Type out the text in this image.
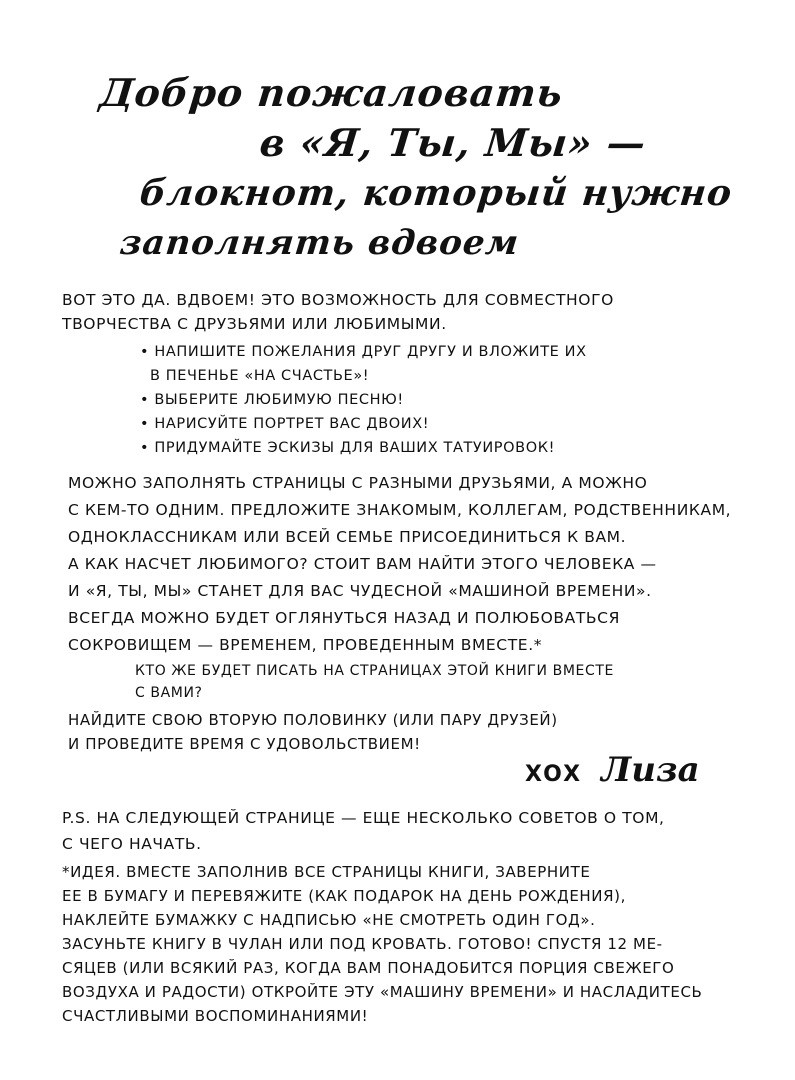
Добро пожаловать
в «Я, Ты, Мы» —
блокнот, который нужно
заполнять вдвоем
ВОТ ЭТО ДА. ВДВОЕМ! ЭТО ВОЗМОЖНОСТЬ ДЛЯ СОВМЕСТНОГО
ТВОРЧЕСТВА С ДРУЗЬЯМИ ИЛИ ЛЮБИМЫМИ.
• НАПИШИТЕ ПОЖЕЛАНИЯ ДРУГ ДРУГУ И ВЛОЖИТЕ ИХ
В ПЕЧЕНЬЕ «НА СЧАСТЬЕ»!
• ВЫБЕРИТЕ ЛЮБИМУЮ ПЕСНЮ!
• НАРИСУЙТЕ ПОРТРЕТ ВАС ДВОИХ!
• ПРИДУМАЙТЕ ЭСКИЗЫ ДЛЯ ВАШИХ ТАТУИРОВОК!
МОЖНО ЗАПОЛНЯТЬ СТРАНИЦЫ С РАЗНЫМИ ДРУЗЬЯМИ, А МОЖНО
С КЕМ-ТО ОДНИМ. ПРЕДЛОЖИТЕ ЗНАКОМЫМ, КОЛЛЕГАМ, РОДСТВЕННИКАМ,
ОДНОКЛАССНИКАМ ИЛИ ВСЕЙ СЕМЬЕ ПРИСОЕДИНИТЬСЯ К ВАМ.
А КАК НАСЧЕТ ЛЮБИМОГО? СТОИТ ВАМ НАЙТИ ЭТОГО ЧЕЛОВЕКА —
И «Я, ТЫ, МЫ» СТАНЕТ ДЛЯ ВАС ЧУДЕСНОЙ «МАШИНОЙ ВРЕМЕНИ».
ВСЕГДА МОЖНО БУДЕТ ОГЛЯНУТЬСЯ НАЗАД И ПОЛЮБОВАТЬСЯ
СОКРОВИЩЕМ — ВРЕМЕНЕМ, ПРОВЕДЕННЫМ ВМЕСТЕ.*
КТО ЖЕ БУДЕТ ПИСАТЬ НА СТРАНИЦАХ ЭТОЙ КНИГИ ВМЕСТЕ
С ВАМИ?
НАЙДИТЕ СВОЮ ВТОРУЮ ПОЛОВИНКУ (ИЛИ ПАРУ ДРУЗЕЙ)
И ПРОВЕДИТЕ ВРЕМЯ С УДОВОЛЬСТВИЕМ!
XOX Лиза
P.S. НА СЛЕДУЮЩЕЙ СТРАНИЦЕ — ЕЩЕ НЕСКОЛЬКО СОВЕТОВ О ТОМ,
С ЧЕГО НАЧАТЬ.
*ИДЕЯ. ВМЕСТЕ ЗАПОЛНИВ ВСЕ СТРАНИЦЫ КНИГИ, ЗАВЕРНИТЕ
ЕЕ В БУМАГУ И ПЕРЕВЯЖИТЕ (КАК ПОДАРОК НА ДЕНЬ РОЖДЕНИЯ),
НАКЛЕЙТЕ БУМАЖКУ С НАДПИСЬЮ «НЕ СМОТРЕТЬ ОДИН ГОД».
ЗАСУНЬТЕ КНИГУ В ЧУЛАН ИЛИ ПОД КРОВАТЬ. ГОТОВО! СПУСТЯ 12 МЕ-
СЯЦЕВ (ИЛИ ВСЯКИЙ РАЗ, КОГДА ВАМ ПОНАДОБИТСЯ ПОРЦИЯ СВЕЖЕГО
ВОЗДУХА И РАДОСТИ) ОТКРОЙТЕ ЭТУ «МАШИНУ ВРЕМЕНИ» И НАСЛАДИТЕСЬ
СЧАСТЛИВЫМИ ВОСПОМИНАНИЯМИ!
